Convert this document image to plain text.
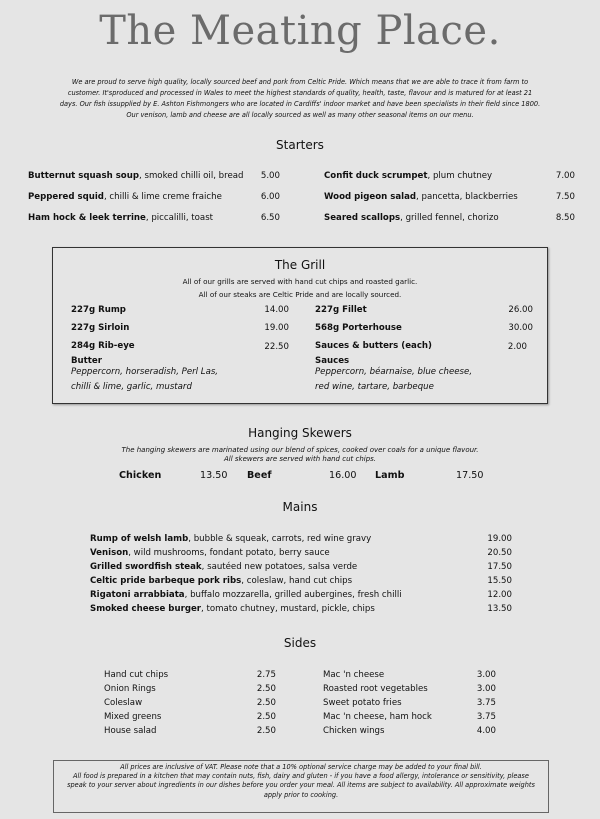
The Meating Place.
We are proud to serve high quality, locally sourced beef and pork from Celtic Pride. Which means that we are able to trace it from farm to customer. It'sproduced and processed in Wales to meet the highest standards of quality, health, taste, flavour and is matured for at least 21 days. Our fish issupplied by E. Ashton Fishmongers who are located in Cardiffs' indoor market and have been specialists in their field since 1800. Our venison, lamb and cheese are all locally sourced as well as many other seasonal items on our menu.
Starters
Butternut squash soup, smoked chilli oil, bread	5.00
Peppered squid, chilli & lime creme fraiche	6.00
Ham hock & leek terrine, piccalilli, toast	6.50
Confit duck scrumpet, plum chutney	7.00
Wood pigeon salad, pancetta, blackberries	7.50
Seared scallops, grilled fennel, chorizo	8.50
The Grill
All of our grills are served with hand cut chips and roasted garlic.
All of our steaks are Celtic Pride and are locally sourced.
227g Rump	14.00
227g Sirloin	19.00
284g Rib-eye	22.50
227g Fillet	26.00
568g Porterhouse	30.00
Sauces & butters (each)	2.00
Butter
Peppercorn, horseradish, Perl Las,
chilli & lime, garlic, mustard
Sauces
Peppercorn, béarnaise, blue cheese,
red wine, tartare, barbeque
Hanging Skewers
The hanging skewers are marinated using our blend of spices, cooked over coals for a unique flavour.
All skewers are served with hand cut chips.
Chicken	13.50 Beef	16.00 Lamb	17.50
Mains
Rump of welsh lamb, bubble & squeak, carrots, red wine gravy	19.00
Venison, wild mushrooms, fondant potato, berry sauce	20.50
Grilled swordfish steak, sautéed new potatoes, salsa verde	17.50
Celtic pride barbeque pork ribs, coleslaw, hand cut chips	15.50
Rigatoni arrabbiata, buffalo mozzarella, grilled aubergines, fresh chilli	12.00
Smoked cheese burger, tomato chutney, mustard, pickle, chips	13.50
Sides
Hand cut chips	2.75
Onion Rings	2.50
Coleslaw	2.50
Mixed greens	2.50
House salad	2.50
Mac 'n cheese	3.00
Roasted root vegetables	3.00
Sweet potato fries	3.75
Mac 'n cheese, ham hock	3.75
Chicken wings	4.00
All prices are inclusive of VAT. Please note that a 10% optional service charge may be added to your final bill.
All food is prepared in a kitchen that may contain nuts, fish, dairy and gluten - if you have a food allergy, intolerance or sensitivity, please speak to your server about ingredients in our dishes before you order your meal. All items are subject to availability. All approximate weights apply prior to cooking.
